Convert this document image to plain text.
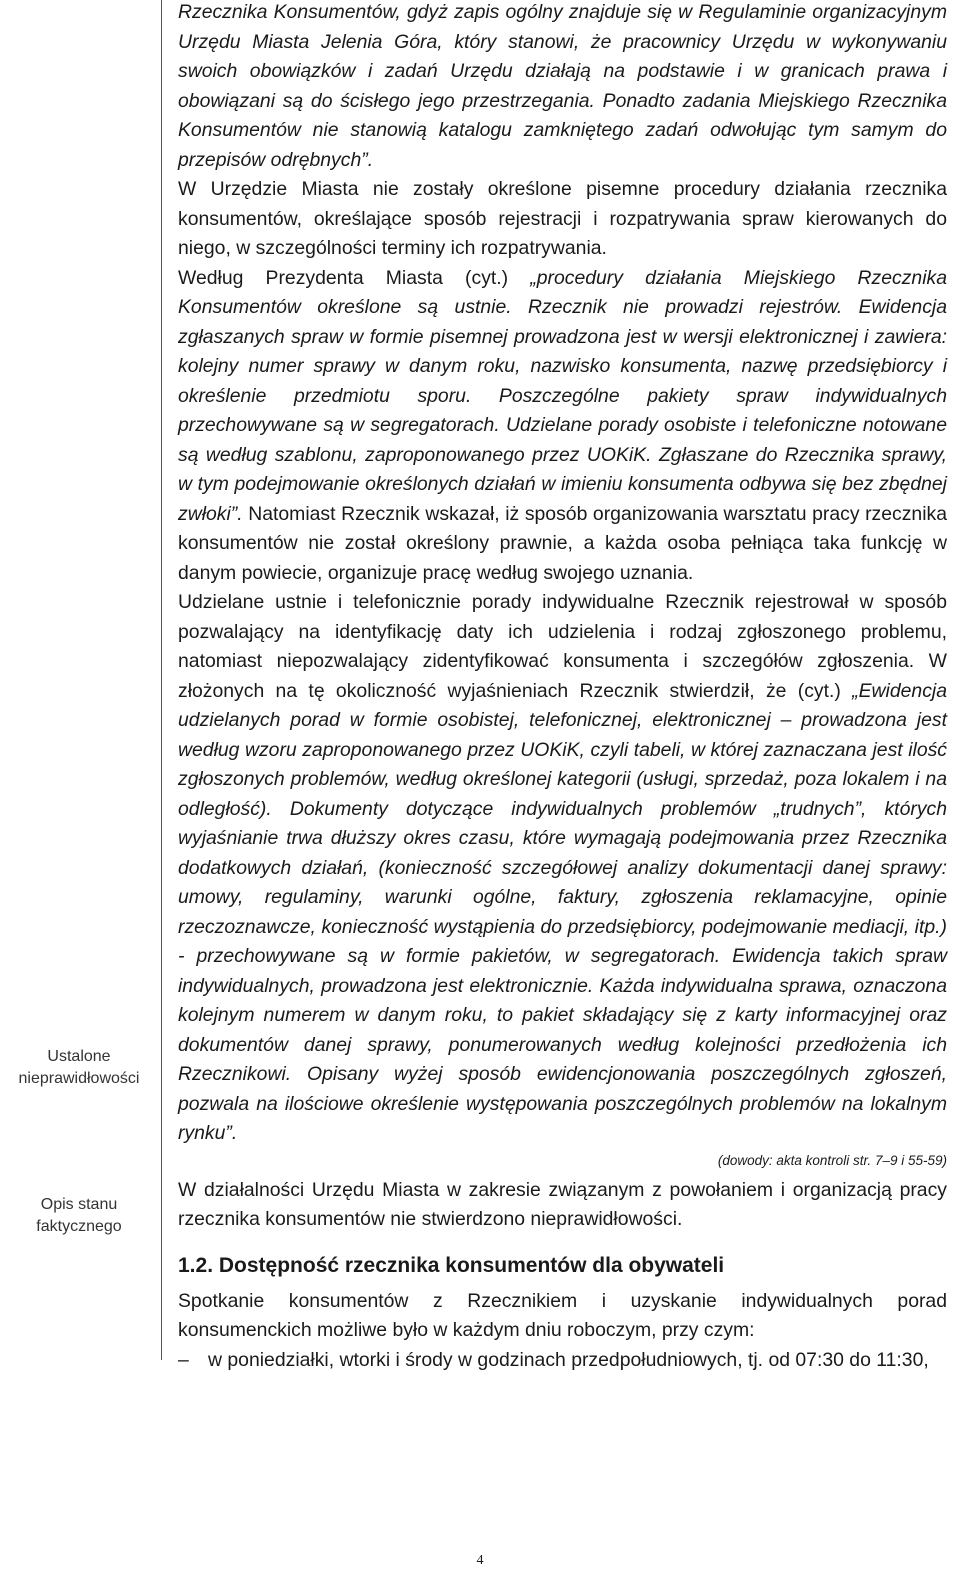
Ustalone nieprawidłowości
Opis stanu faktycznego

Rzecznika Konsumentów, gdyż zapis ogólny znajduje się w Regulaminie organizacyjnym Urzędu Miasta Jelenia Góra, który stanowi, że pracownicy Urzędu w wykonywaniu swoich obowiązków i zadań Urzędu działają na podstawie i w granicach prawa i obowiązani są do ścisłego jego przestrzegania. Ponadto zadania Miejskiego Rzecznika Konsumentów nie stanowią katalogu zamkniętego zadań odwołując tym samym do przepisów odrębnych”.

W Urzędzie Miasta nie zostały określone pisemne procedury działania rzecznika konsumentów, określające sposób rejestracji i rozpatrywania spraw kierowanych do niego, w szczególności terminy ich rozpatrywania.

Według Prezydenta Miasta (cyt.) „procedury działania Miejskiego Rzecznika Konsumentów określone są ustnie. Rzecznik nie prowadzi rejestrów. Ewidencja zgłaszanych spraw w formie pisemnej prowadzona jest w wersji elektronicznej i zawiera: kolejny numer sprawy w danym roku, nazwisko konsumenta, nazwę przedsiębiorcy i określenie przedmiotu sporu. Poszczególne pakiety spraw indywidualnych przechowywane są w segregatorach. Udzielane porady osobiste i telefoniczne notowane są według szablonu, zaproponowanego przez UOKiK. Zgłaszane do Rzecznika sprawy, w tym podejmowanie określonych działań w imieniu konsumenta odbywa się bez zbędnej zwłoki”. Natomiast Rzecznik wskazał, iż sposób organizowania warsztatu pracy rzecznika konsumentów nie został określony prawnie, a każda osoba pełniąca taka funkcję w danym powiecie, organizuje pracę według swojego uznania.

Udzielane ustnie i telefonicznie porady indywidualne Rzecznik rejestrował w sposób pozwalający na identyfikację daty ich udzielenia i rodzaj zgłoszonego problemu, natomiast niepozwalający zidentyfikować konsumenta i szczegółów zgłoszenia. W złożonych na tę okoliczność wyjaśnieniach Rzecznik stwierdził, że (cyt.) „Ewidencja udzielanych porad w formie osobistej, telefonicznej, elektronicznej – prowadzona jest według wzoru zaproponowanego przez UOKiK, czyli tabeli, w której zaznaczana jest ilość zgłoszonych problemów, według określonej kategorii (usługi, sprzedaż, poza lokalem i na odległość). Dokumenty dotyczące indywidualnych problemów „trudnych”, których wyjaśnianie trwa dłuższy okres czasu, które wymagają podejmowania przez Rzecznika dodatkowych działań, (konieczność szczegółowej analizy dokumentacji danej sprawy: umowy, regulaminy, warunki ogólne, faktury, zgłoszenia reklamacyjne, opinie rzeczoznawcze, konieczność wystąpienia do przedsiębiorcy, podejmowanie mediacji, itp.) - przechowywane są w formie pakietów, w segregatorach. Ewidencja takich spraw indywidualnych, prowadzona jest elektronicznie. Każda indywidualna sprawa, oznaczona kolejnym numerem w danym roku, to pakiet składający się z karty informacyjnej oraz dokumentów danej sprawy, ponumerowanych według kolejności przedłożenia ich Rzecznikowi. Opisany wyżej sposób ewidencjonowania poszczególnych zgłoszeń, pozwala na ilościowe określenie występowania poszczególnych problemów na lokalnym rynku”.

(dowody: akta kontroli str. 7–9 i 55-59)

W działalności Urzędu Miasta w zakresie związanym z powołaniem i organizacją pracy rzecznika konsumentów nie stwierdzono nieprawidłowości.

1.2. Dostępność rzecznika konsumentów dla obywateli

Spotkanie konsumentów z Rzecznikiem i uzyskanie indywidualnych porad konsumenckich możliwe było w każdym dniu roboczym, przy czym:

– w poniedziałki, wtorki i środy w godzinach przedpołudniowych, tj. od 07:30 do 11:30,
4
